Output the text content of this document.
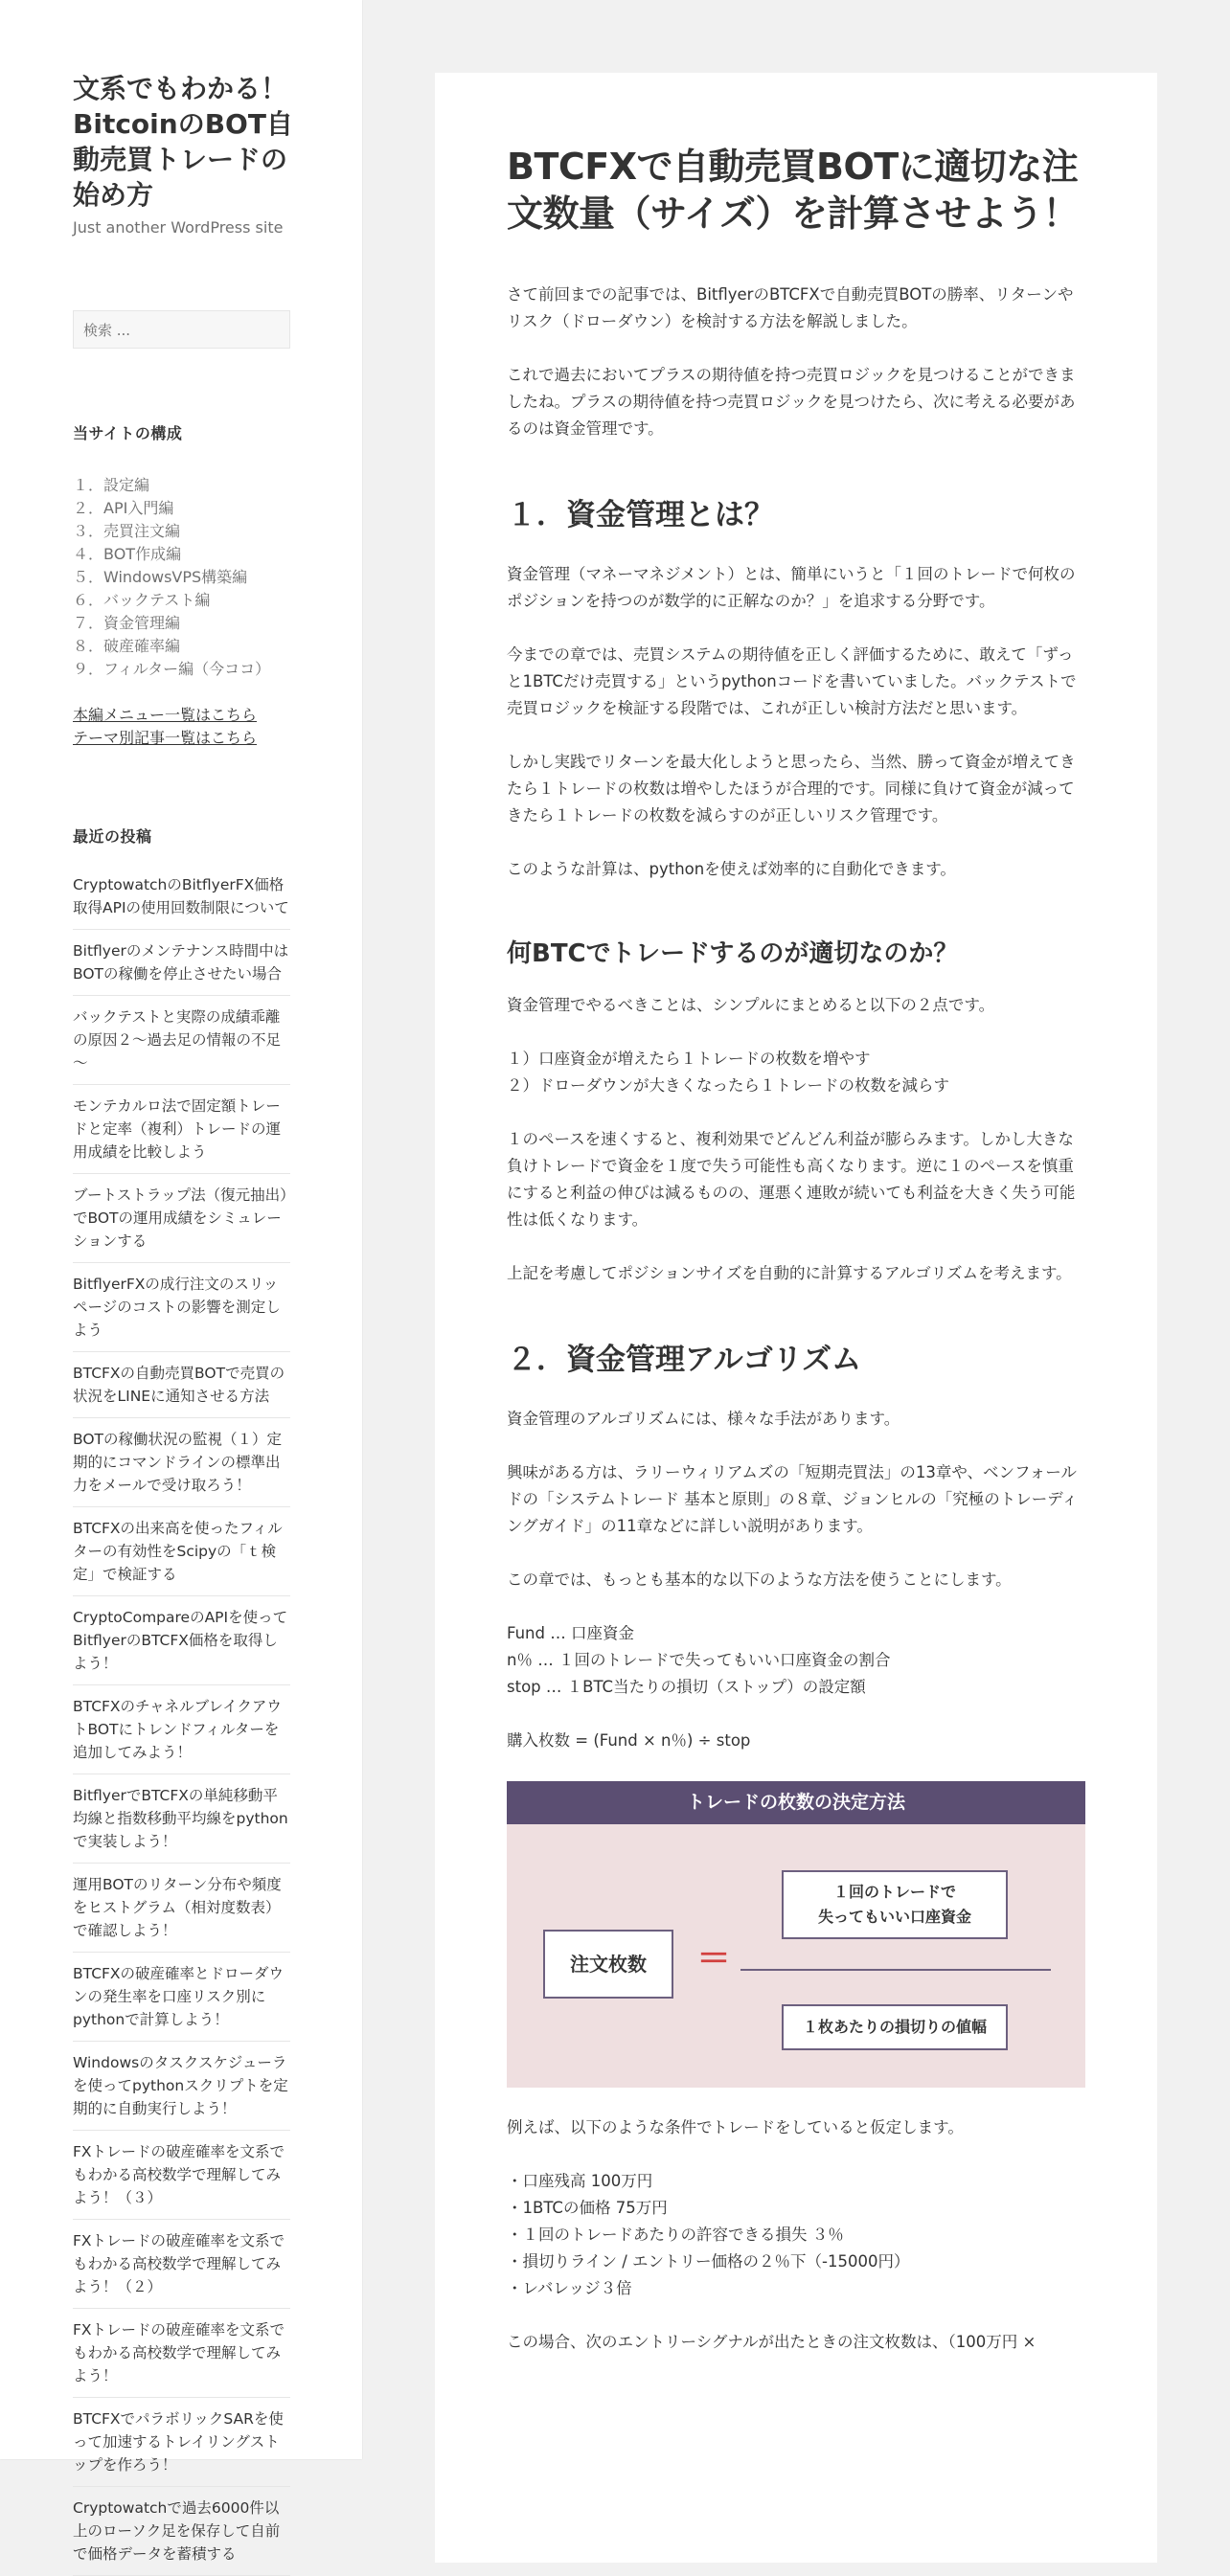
文系でもわかる！BitcoinのBOT自動売買トレードの始め方
Just another WordPress site
検索 ...
当サイトの構成
１．設定編
２．API入門編
３．売買注文編
４．BOT作成編
５．WindowsVPS構築編
６．バックテスト編
７．資金管理編
８．破産確率編
９．フィルター編（今ココ）
本編メニュー一覧はこちら
テーマ別記事一覧はこちら
最近の投稿
CryptowatchのBitflyerFX価格取得APIの使用回数制限について
Bitflyerのメンテナンス時間中はBOTの稼働を停止させたい場合
バックテストと実際の成績乖離の原因２～過去足の情報の不足～
モンテカルロ法で固定額トレードと定率（複利）トレードの運用成績を比較しよう
ブートストラップ法（復元抽出）でBOTの運用成績をシミュレーションする
BitflyerFXの成行注文のスリッページのコストの影響を測定しよう
BTCFXの自動売買BOTで売買の状況をLINEに通知させる方法
BOTの稼働状況の監視（１）定期的にコマンドラインの標準出力をメールで受け取ろう！
BTCFXの出来高を使ったフィルターの有効性をScipyの「ｔ検定」で検証する
CryptoCompareのAPIを使ってBitflyerのBTCFX価格を取得しよう！
BTCFXのチャネルブレイクアウトBOTにトレンドフィルターを追加してみよう！
BitflyerでBTCFXの単純移動平均線と指数移動平均線をpythonで実装しよう！
運用BOTのリターン分布や頻度をヒストグラム（相対度数表）で確認しよう！
BTCFXの破産確率とドローダウンの発生率を口座リスク別にpythonで計算しよう！
Windowsのタスクスケジューラを使ってpythonスクリプトを定期的に自動実行しよう！
FXトレードの破産確率を文系でもわかる高校数学で理解してみよう！（３）
FXトレードの破産確率を文系でもわかる高校数学で理解してみよう！（２）
FXトレードの破産確率を文系でもわかる高校数学で理解してみよう！
BTCFXでパラボリックSARを使って加速するトレイリングストップを作ろう！
Cryptowatchで過去6000件以上のローソク足を保存して自前で価格データを蓄積する
BTCFXで自動売買BOTに適切な注文数量（サイズ）を計算させよう！

さて前回までの記事では、BitflyerのBTCFXで自動売買BOTの勝率、リターンやリスク（ドローダウン）を検討する方法を解説しました。

これで過去においてプラスの期待値を持つ売買ロジックを見つけることができましたね。プラスの期待値を持つ売買ロジックを見つけたら、次に考える必要があるのは資金管理です。

１．資金管理とは？

資金管理（マネーマネジメント）とは、簡単にいうと「１回のトレードで何枚のポジションを持つのが数学的に正解なのか？」を追求する分野です。

今までの章では、売買システムの期待値を正しく評価するために、敢えて「ずっと1BTCだけ売買する」というpythonコードを書いていました。バックテストで売買ロジックを検証する段階では、これが正しい検討方法だと思います。

しかし実践でリターンを最大化しようと思ったら、当然、勝って資金が増えてきたら１トレードの枚数は増やしたほうが合理的です。同様に負けて資金が減ってきたら１トレードの枚数を減らすのが正しいリスク管理です。

このような計算は、pythonを使えば効率的に自動化できます。

何BTCでトレードするのが適切なのか？

資金管理でやるべきことは、シンプルにまとめると以下の２点です。

１）口座資金が増えたら１トレードの枚数を増やす
２）ドローダウンが大きくなったら１トレードの枚数を減らす

１のペースを速くすると、複利効果でどんどん利益が膨らみます。しかし大きな負けトレードで資金を１度で失う可能性も高くなります。逆に１のペースを慎重にすると利益の伸びは減るものの、運悪く連敗が続いても利益を大きく失う可能性は低くなります。

上記を考慮してポジションサイズを自動的に計算するアルゴリズムを考えます。

２．資金管理アルゴリズム

資金管理のアルゴリズムには、様々な手法があります。

興味がある方は、ラリーウィリアムズの「短期売買法」の13章や、ベンフォールドの「システムトレード 基本と原則」の８章、ジョンヒルの「究極のトレーディングガイド」の11章などに詳しい説明があります。

この章では、もっとも基本的な以下のような方法を使うことにします。

Fund … 口座資金
n％ … １回のトレードで失ってもいい口座資金の割合
stop … １BTC当たりの損切（ストップ）の設定額

購入枚数 = (Fund × n％) ÷ stop

トレードの枚数の決定方法
注文枚数	＝
１回のトレードで
失ってもいい口座資金
１枚あたりの損切りの値幅

例えば、以下のような条件でトレードをしていると仮定します。

・口座残高 100万円
・1BTCの価格 75万円
・１回のトレードあたりの許容できる損失 ３％
・損切りライン / エントリー価格の２％下（-15000円）
・レバレッジ３倍

この場合、次のエントリーシグナルが出たときの注文枚数は、（100万円 ×
